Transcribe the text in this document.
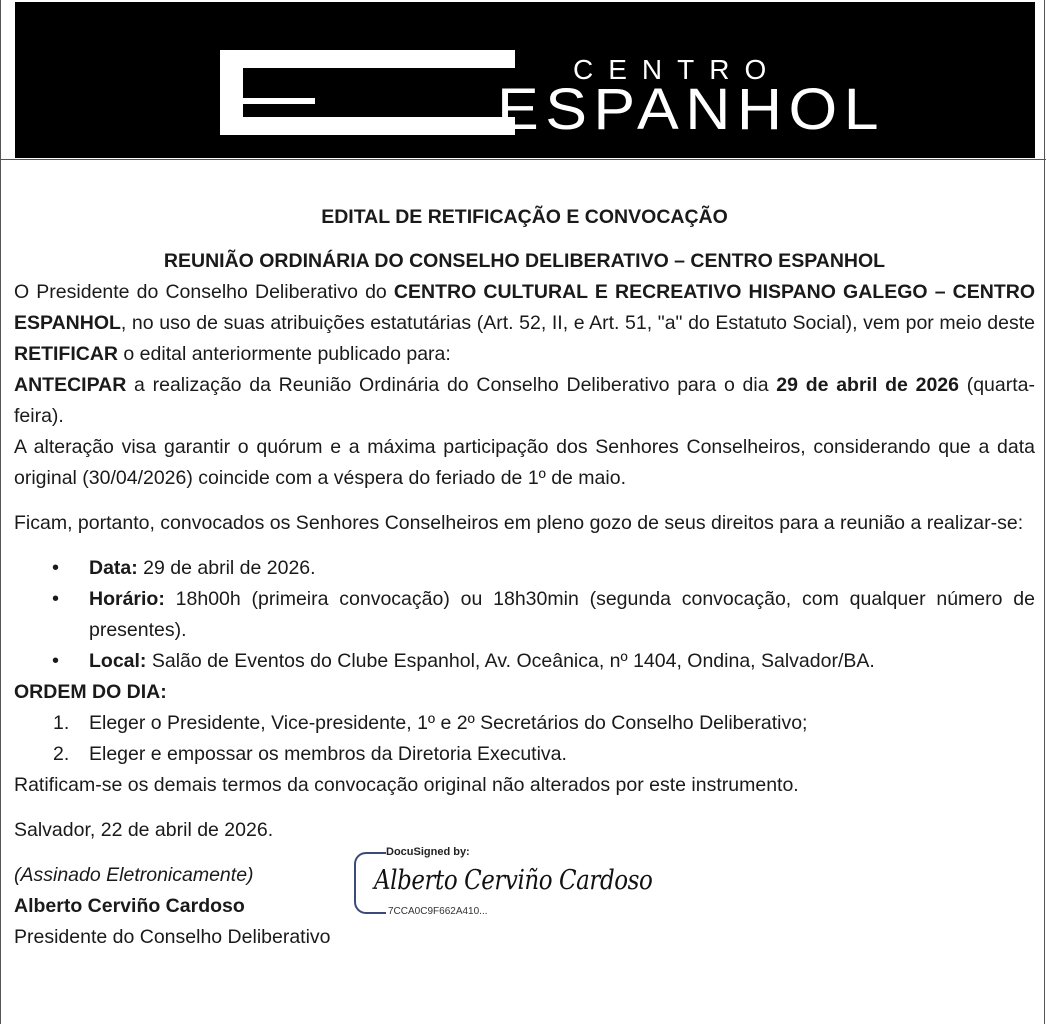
CENTRO
ESPANHOL
EDITAL DE RETIFICAÇÃO E CONVOCAÇÃO
REUNIÃO ORDINÁRIA DO CONSELHO DELIBERATIVO – CENTRO ESPANHOL

O Presidente do Conselho Deliberativo do CENTRO CULTURAL E RECREATIVO HISPANO GALEGO – CENTRO ESPANHOL, no uso de suas atribuições estatutárias (Art. 52, II, e Art. 51, "a" do Estatuto Social), vem por meio deste RETIFICAR o edital anteriormente publicado para:

ANTECIPAR a realização da Reunião Ordinária do Conselho Deliberativo para o dia 29 de abril de 2026 (quarta-feira).

A alteração visa garantir o quórum e a máxima participação dos Senhores Conselheiros, considerando que a data original (30/04/2026) coincide com a véspera do feriado de 1º de maio.

Ficam, portanto, convocados os Senhores Conselheiros em pleno gozo de seus direitos para a reunião a realizar-se:

• Data: 29 de abril de 2026.
• Horário: 18h00h (primeira convocação) ou 18h30min (segunda convocação, com qualquer número de presentes).
• Local: Salão de Eventos do Clube Espanhol, Av. Oceânica, nº 1404, Ondina, Salvador/BA.

ORDEM DO DIA:

1. Eleger o Presidente, Vice-presidente, 1º e 2º Secretários do Conselho Deliberativo;
2. Eleger e empossar os membros da Diretoria Executiva.

Ratificam-se os demais termos da convocação original não alterados por este instrumento.

Salvador, 22 de abril de 2026.

(Assinado Eletronicamente)

Alberto Cerviño Cardoso

Presidente do Conselho Deliberativo

DocuSigned by:
Alberto Cerviño Cardoso
7CCA0C9F662A410...
